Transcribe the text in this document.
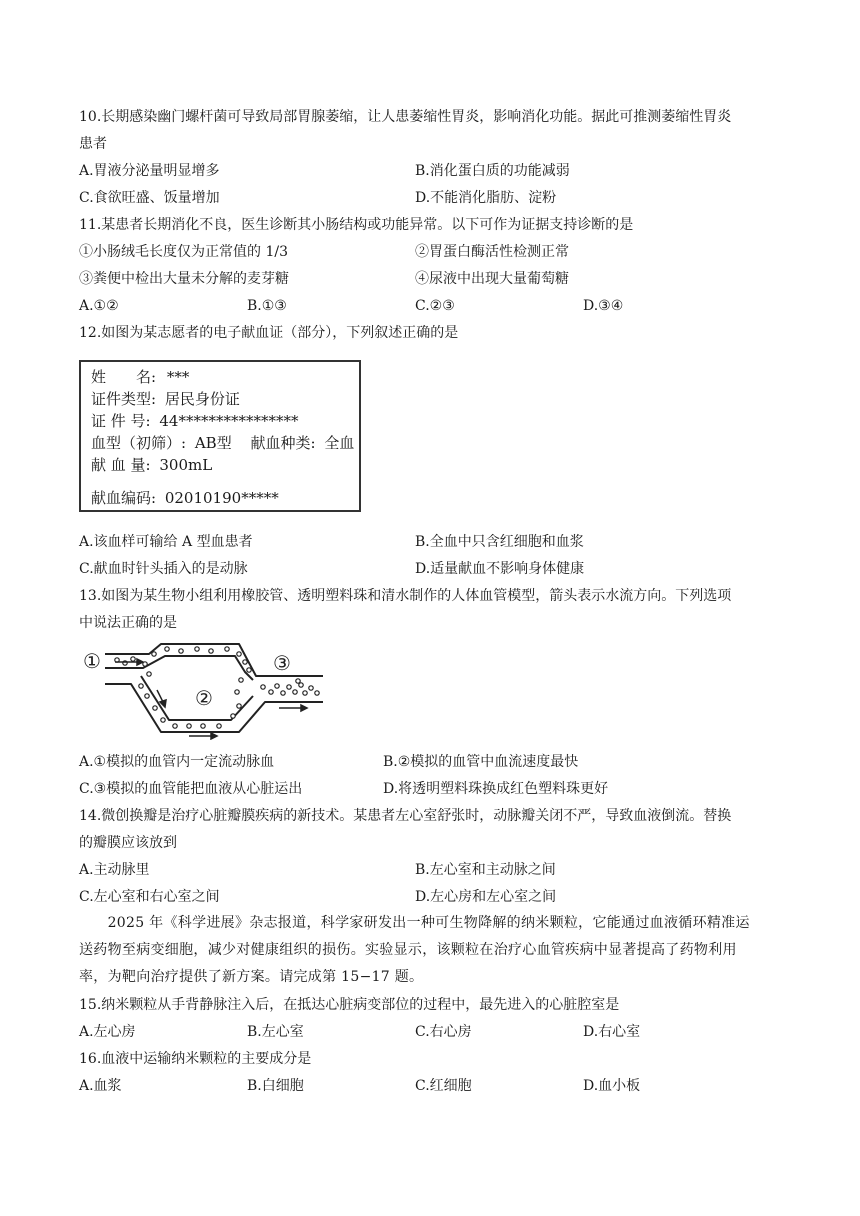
10.长期感染幽门螺杆菌可导致局部胃腺萎缩，让人患萎缩性胃炎，影响消化功能。据此可推测萎缩性胃炎
患者
A.胃液分泌量明显增多	B.消化蛋白质的功能减弱
C.食欲旺盛、饭量增加	D.不能消化脂肪、淀粉
11.某患者长期消化不良，医生诊断其小肠结构或功能异常。以下可作为证据支持诊断的是
①小肠绒毛长度仅为正常值的 1/3	②胃蛋白酶活性检测正常
③粪便中检出大量未分解的麦芽糖	④尿液中出现大量葡萄糖
A.①②	B.①③	C.②③	D.③④
12.如图为某志愿者的电子献血证（部分），下列叙述正确的是
姓　　名: ***
证件类型: 居民身份证
证 件 号: 44****************
血型（初筛）: AB型 献血种类: 全血
献 血 量: 300mL
献血编码: 02010190*****
A.该血样可输给 A 型血患者	B.全血中只含红细胞和血浆
C.献血时针头插入的是动脉	D.适量献血不影响身体健康
13.如图为某生物小组利用橡胶管、透明塑料珠和清水制作的人体血管模型，箭头表示水流方向。下列选项
中说法正确的是
①
②
③
A.①模拟的血管内一定流动脉血	B.②模拟的血管中血流速度最快
C.③模拟的血管能把血液从心脏运出	D.将透明塑料珠换成红色塑料珠更好
14.微创换瓣是治疗心脏瓣膜疾病的新技术。某患者左心室舒张时，动脉瓣关闭不严，导致血液倒流。替换
的瓣膜应该放到
A.主动脉里	B.左心室和主动脉之间
C.左心室和右心室之间	D.左心房和左心室之间
　　2025 年《科学进展》杂志报道，科学家研发出一种可生物降解的纳米颗粒，它能通过血液循环精准运
送药物至病变细胞，减少对健康组织的损伤。实验显示，该颗粒在治疗心血管疾病中显著提高了药物利用
率，为靶向治疗提供了新方案。请完成第 15−17 题。
15.纳米颗粒从手背静脉注入后，在抵达心脏病变部位的过程中，最先进入的心脏腔室是
A.左心房	B.左心室	C.右心房	D.右心室
16.血液中运输纳米颗粒的主要成分是
A.血浆	B.白细胞	C.红细胞	D.血小板
